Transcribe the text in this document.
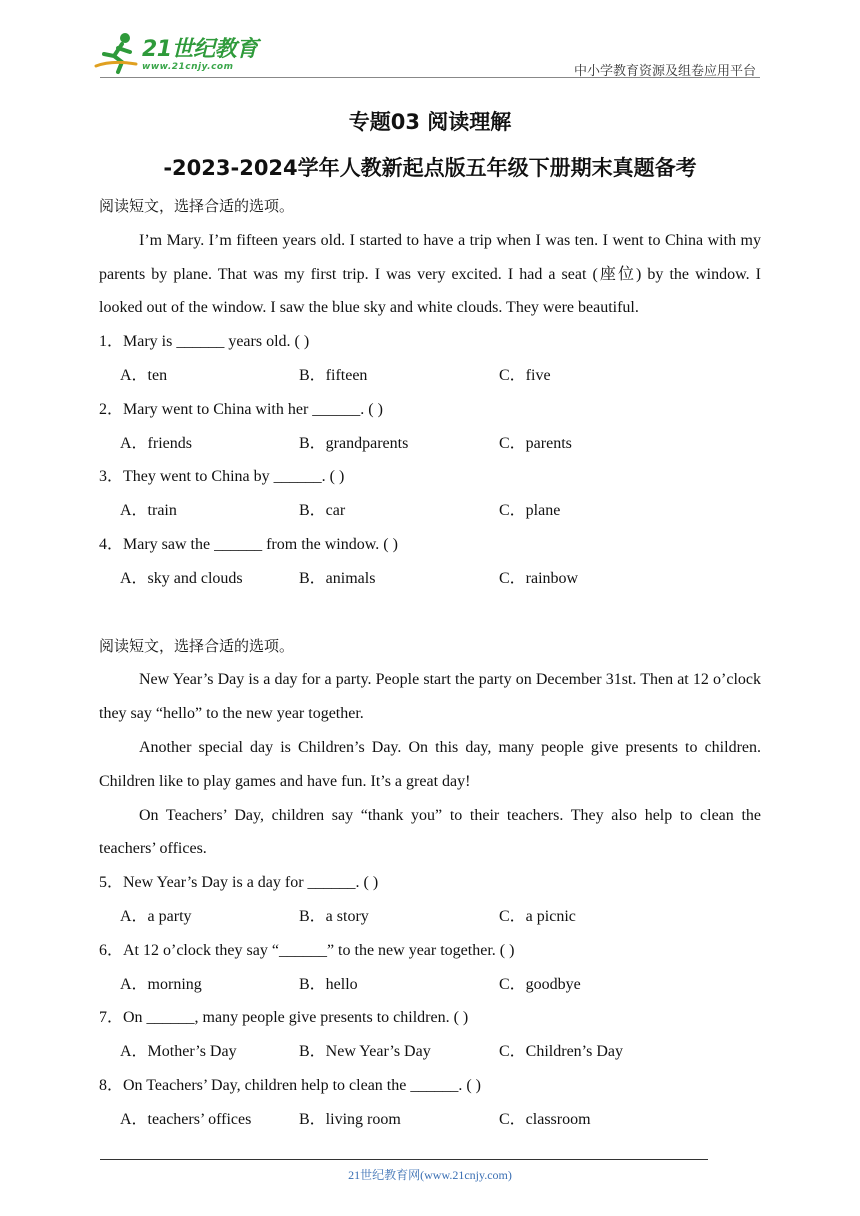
21世纪教育
www.21cnjy.com	中小学教育资源及组卷应用平台
专题03 阅读理解
-2023-2024学年人教新起点版五年级下册期末真题备考
阅读短文，选择合适的选项。
I’m Mary. I’m fifteen years old. I started to have a trip when I was ten. I went to China with my parents by plane. That was my first trip. I was very excited. I had a seat (座位) by the window. I looked out of the window. I saw the blue sky and white clouds. They were beautiful.
1．Mary is ______ years old. ( )
A．ten	B．fifteen	C．five
2．Mary went to China with her ______. ( )
A．friends	B．grandparents	C．parents
3．They went to China by ______. ( )
A．train	B．car	C．plane
4．Mary saw the ______ from the window. ( )
A．sky and clouds	B．animals	C．rainbow
阅读短文，选择合适的选项。
New Year’s Day is a day for a party. People start the party on December 31st. Then at 12 o’clock they say “hello” to the new year together.
Another special day is Children’s Day. On this day, many people give presents to children. Children like to play games and have fun. It’s a great day!
On Teachers’ Day, children say “thank you” to their teachers. They also help to clean the teachers’ offices.
5．New Year’s Day is a day for ______. ( )
A．a party	B．a story	C．a picnic
6．At 12 o’clock they say “______” to the new year together. ( )
A．morning	B．hello	C．goodbye
7．On ______, many people give presents to children. ( )
A．Mother’s Day	B．New Year’s Day	C．Children’s Day
8．On Teachers’ Day, children help to clean the ______. ( )
A．teachers’ offices	B．living room	C．classroom
21世纪教育网(www.21cnjy.com)
